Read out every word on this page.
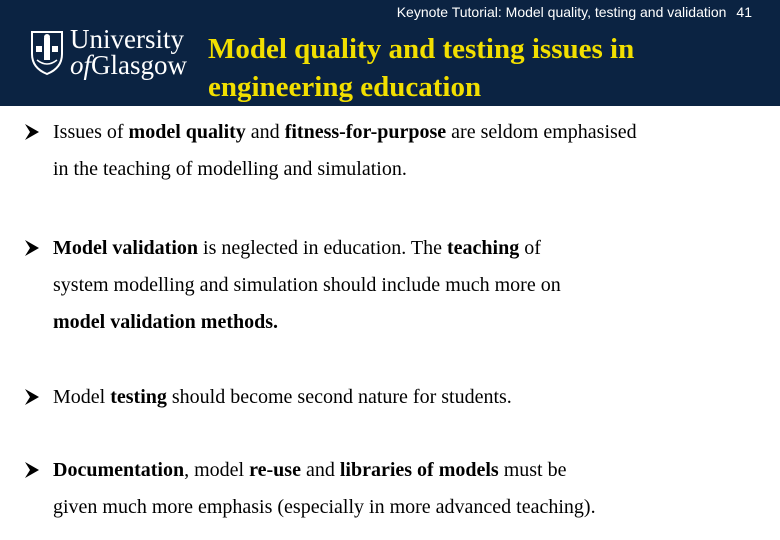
Keynote Tutorial: Model quality, testing and validation 41
University
ofGlasgow Model quality and testing issues in
engineering education
Issues of model quality and fitness-for-purpose are seldom emphasised
in the teaching of modelling and simulation.
Model validation is neglected in education. The teaching of
system modelling and simulation should include much more on
model validation methods.
Model testing should become second nature for students.
Documentation, model re-use and libraries of models must be
given much more emphasis (especially in more advanced teaching).
